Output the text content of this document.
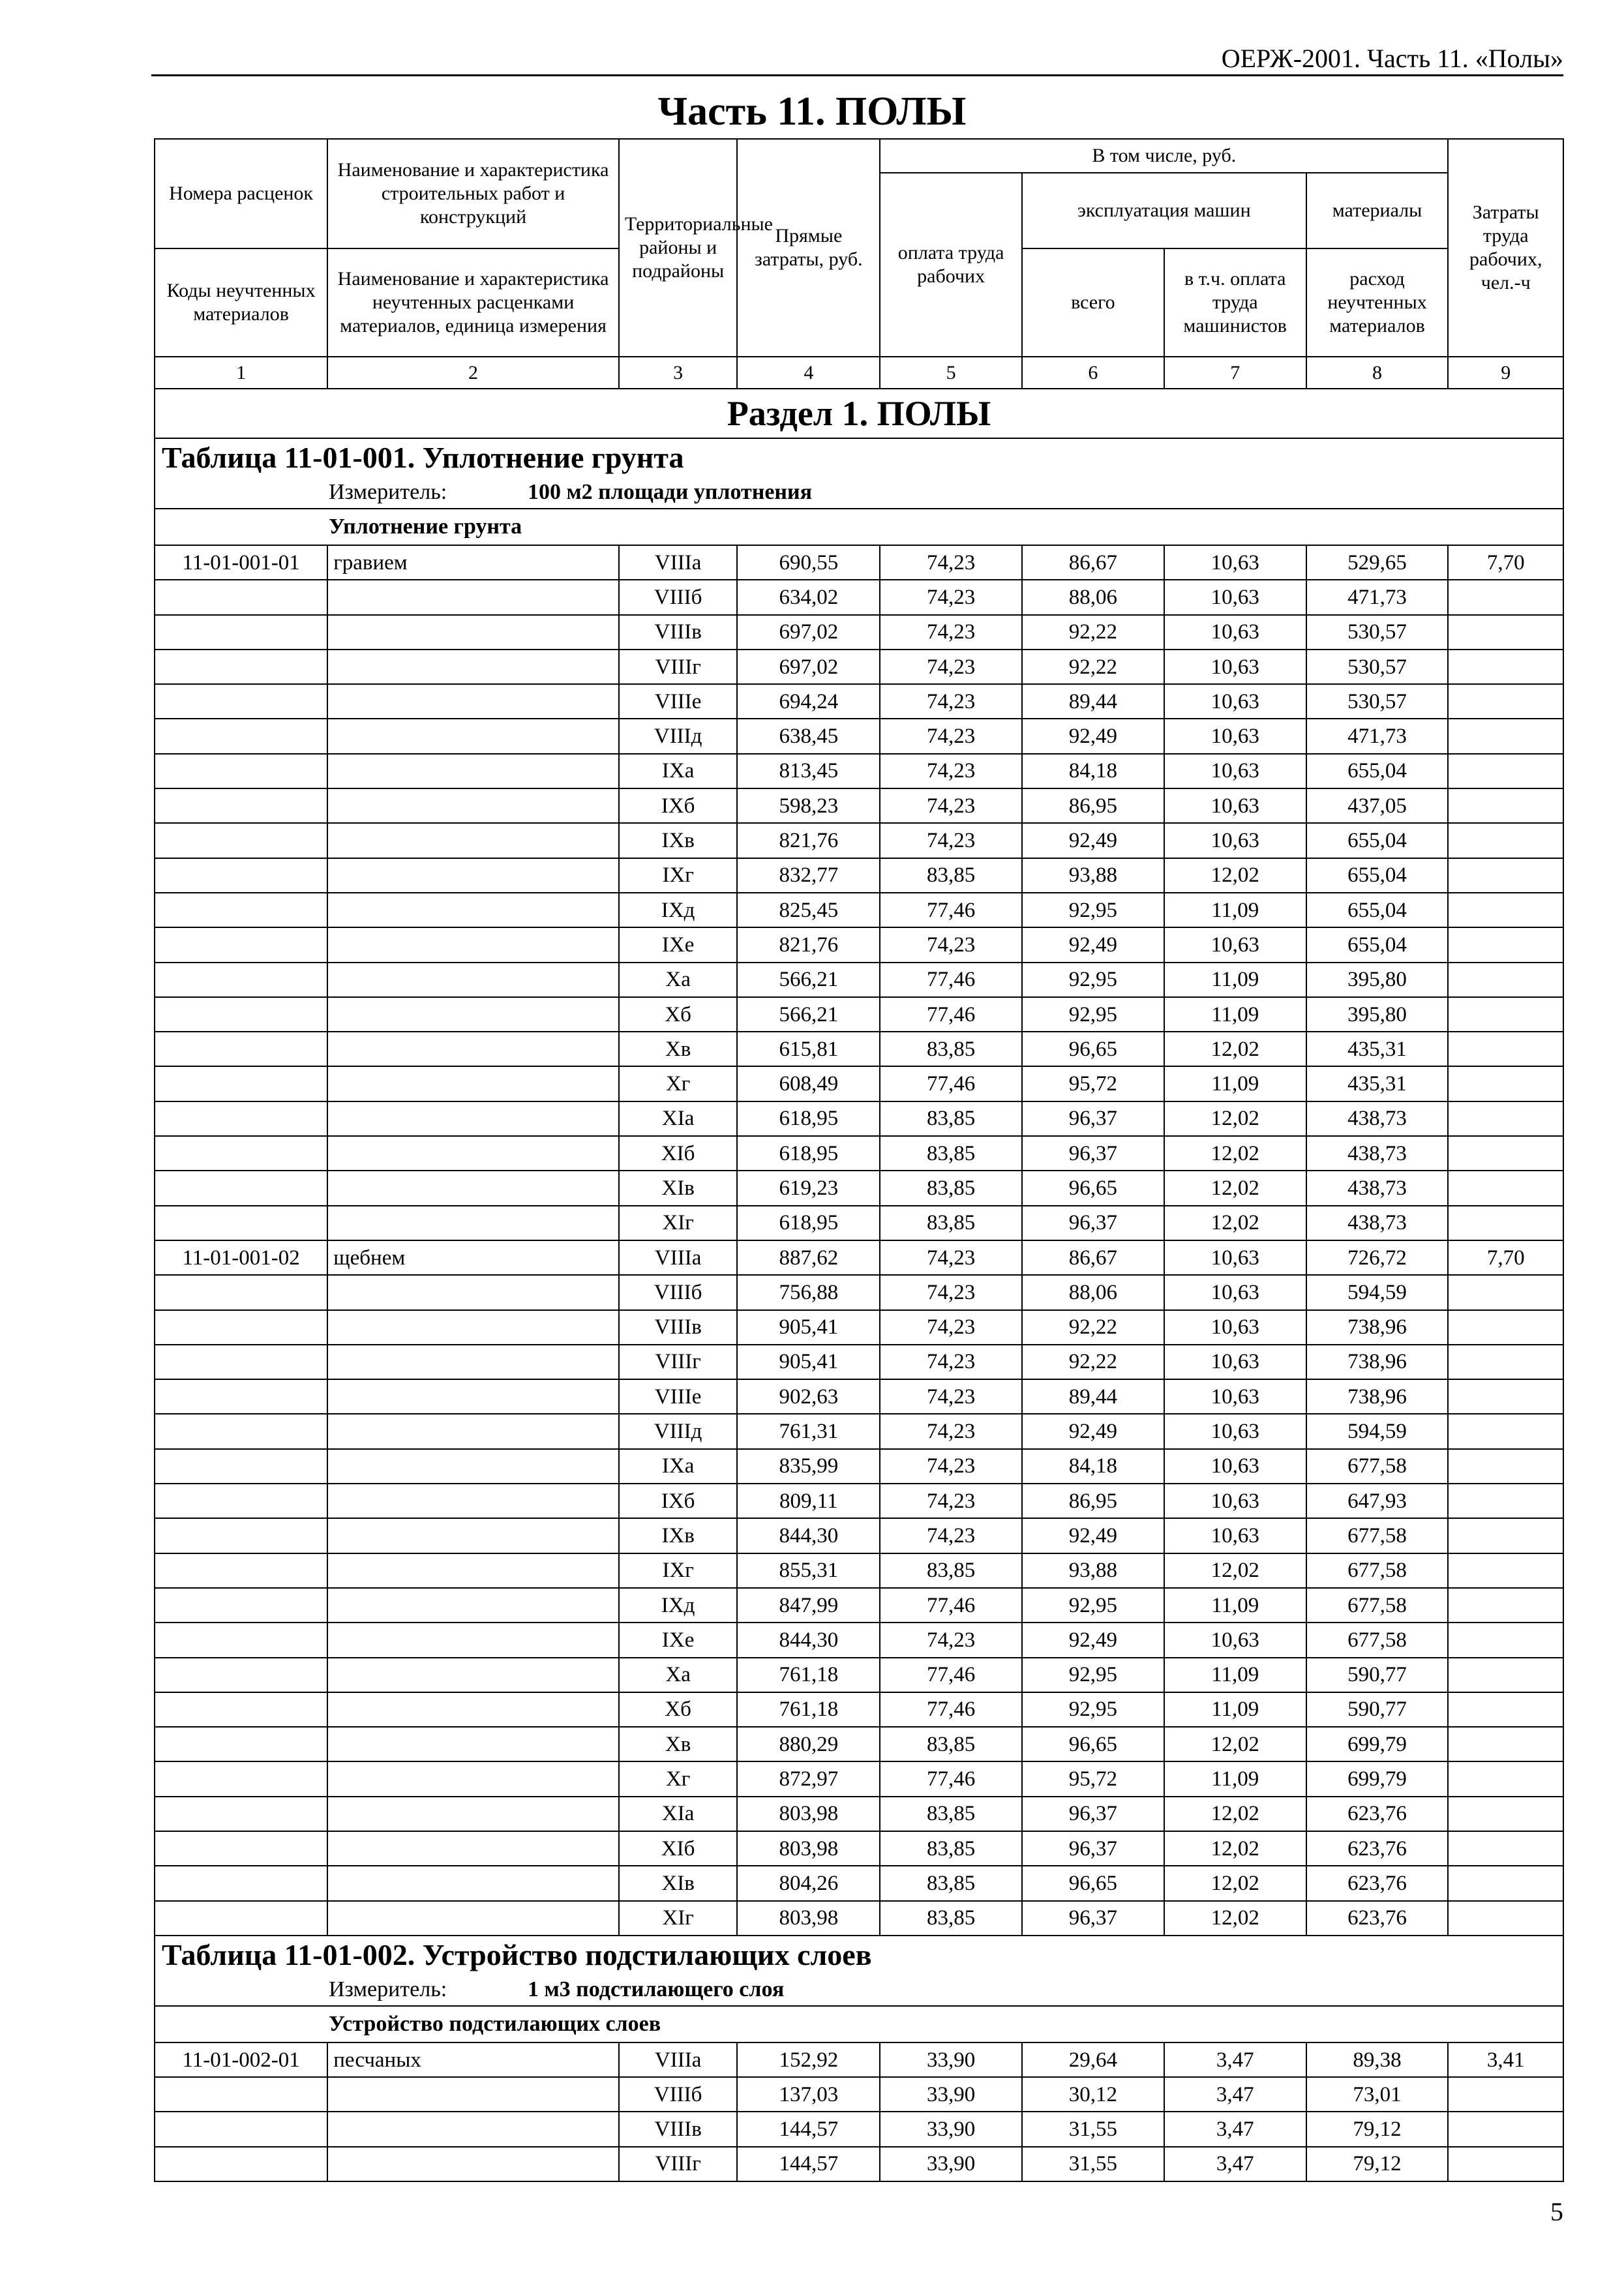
ОЕРЖ-2001. Часть 11. «Полы»
Часть 11. ПОЛЫ
Номера расценок	Наименование и характеристика строительных работ и конструкций	Территориальные районы и подрайоны	Прямые затраты, руб.	В том числе, руб.				Затраты труда рабочих, чел.-ч
				оплата труда рабочих	эксплуатация машин		материалы	
Коды неучтенных материалов	Наименование и характеристика неучтенных расценками материалов, единица измерения				всего	в т.ч. оплата труда машинистов	расход неучтенных материалов	

1	2	3	4	5	6	7	8	9
Раздел 1. ПОЛЫ								
Таблица 11-01-001. Уплотнение грунта								
Измеритель: 100 м2 площади уплотнения								
Уплотнение грунта								
11-01-001-01	гравием	VIIIа	690,55	74,23	86,67	10,63	529,65	7,70
		VIIIб	634,02	74,23	88,06	10,63	471,73	
		VIIIв	697,02	74,23	92,22	10,63	530,57	
		VIIIг	697,02	74,23	92,22	10,63	530,57	
		VIIIе	694,24	74,23	89,44	10,63	530,57	
		VIIIд	638,45	74,23	92,49	10,63	471,73	
		IXа	813,45	74,23	84,18	10,63	655,04	
		IXб	598,23	74,23	86,95	10,63	437,05	
		IXв	821,76	74,23	92,49	10,63	655,04	
		IXг	832,77	83,85	93,88	12,02	655,04	
		IXд	825,45	77,46	92,95	11,09	655,04	
		IXе	821,76	74,23	92,49	10,63	655,04	
		Xа	566,21	77,46	92,95	11,09	395,80	
		Xб	566,21	77,46	92,95	11,09	395,80	
		Xв	615,81	83,85	96,65	12,02	435,31	
		Xг	608,49	77,46	95,72	11,09	435,31	
		XIа	618,95	83,85	96,37	12,02	438,73	
		XIб	618,95	83,85	96,37	12,02	438,73	
		XIв	619,23	83,85	96,65	12,02	438,73	
		XIг	618,95	83,85	96,37	12,02	438,73	
11-01-001-02	щебнем	VIIIа	887,62	74,23	86,67	10,63	726,72	7,70
		VIIIб	756,88	74,23	88,06	10,63	594,59	
		VIIIв	905,41	74,23	92,22	10,63	738,96	
		VIIIг	905,41	74,23	92,22	10,63	738,96	
		VIIIе	902,63	74,23	89,44	10,63	738,96	
		VIIIд	761,31	74,23	92,49	10,63	594,59	
		IXа	835,99	74,23	84,18	10,63	677,58	
		IXб	809,11	74,23	86,95	10,63	647,93	
		IXв	844,30	74,23	92,49	10,63	677,58	
		IXг	855,31	83,85	93,88	12,02	677,58	
		IXд	847,99	77,46	92,95	11,09	677,58	
		IXе	844,30	74,23	92,49	10,63	677,58	
		Xа	761,18	77,46	92,95	11,09	590,77	
		Xб	761,18	77,46	92,95	11,09	590,77	
		Xв	880,29	83,85	96,65	12,02	699,79	
		Xг	872,97	77,46	95,72	11,09	699,79	
		XIа	803,98	83,85	96,37	12,02	623,76	
		XIб	803,98	83,85	96,37	12,02	623,76	
		XIв	804,26	83,85	96,65	12,02	623,76	
		XIг	803,98	83,85	96,37	12,02	623,76	
Таблица 11-01-002. Устройство подстилающих слоев								
Измеритель: 1 м3 подстилающего слоя								
Устройство подстилающих слоев								
11-01-002-01	песчаных	VIIIа	152,92	33,90	29,64	3,47	89,38	3,41
		VIIIб	137,03	33,90	30,12	3,47	73,01	
		VIIIв	144,57	33,90	31,55	3,47	79,12	
		VIIIг	144,57	33,90	31,55	3,47	79,12	
5
